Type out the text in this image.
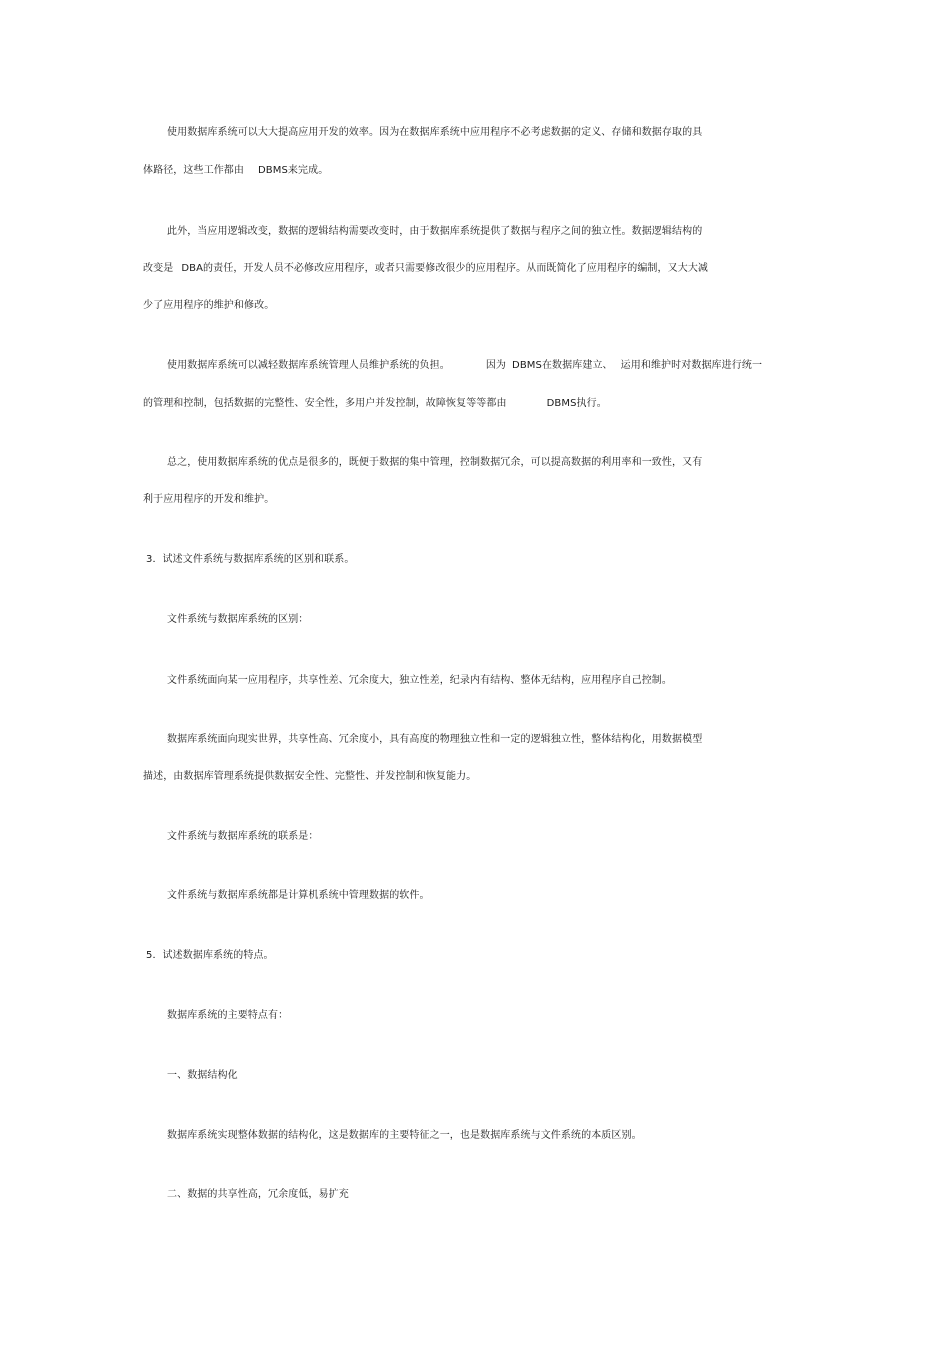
使用数据库系统可以大大提高应用开发的效率。因为在数据库系统中应用程序不必考虑数据的定义、存储和数据存取的具
体路径，这些工作都由 DBMS来完成。
此外，当应用逻辑改变，数据的逻辑结构需要改变时，由于数据库系统提供了数据与程序之间的独立性。数据逻辑结构的
改变是 DBA的责任，开发人员不必修改应用程序，或者只需要修改很少的应用程序。从而既简化了应用程序的编制，又大大减
少了应用程序的维护和修改。
使用数据库系统可以减轻数据库系统管理人员维护系统的负担。	因为 DBMS在数据库建立、 运用和维护时对数据库进行统一
的管理和控制，包括数据的完整性、安全性，多用户并发控制，故障恢复等等都由	DBMS执行。
总之，使用数据库系统的优点是很多的，既便于数据的集中管理，控制数据冗余，可以提高数据的利用率和一致性，又有
利于应用程序的开发和维护。
3．试述文件系统与数据库系统的区别和联系。
文件系统与数据库系统的区别：
文件系统面向某一应用程序，共享性差、冗余度大，独立性差，纪录内有结构、整体无结构，应用程序自己控制。
数据库系统面向现实世界，共享性高、冗余度小，具有高度的物理独立性和一定的逻辑独立性，整体结构化，用数据模型
描述，由数据库管理系统提供数据安全性、完整性、并发控制和恢复能力。
文件系统与数据库系统的联系是：
文件系统与数据库系统都是计算机系统中管理数据的软件。
5．试述数据库系统的特点。
数据库系统的主要特点有：
一、数据结构化
数据库系统实现整体数据的结构化，这是数据库的主要特征之一，也是数据库系统与文件系统的本质区别。
二、数据的共享性高，冗余度低，易扩充
